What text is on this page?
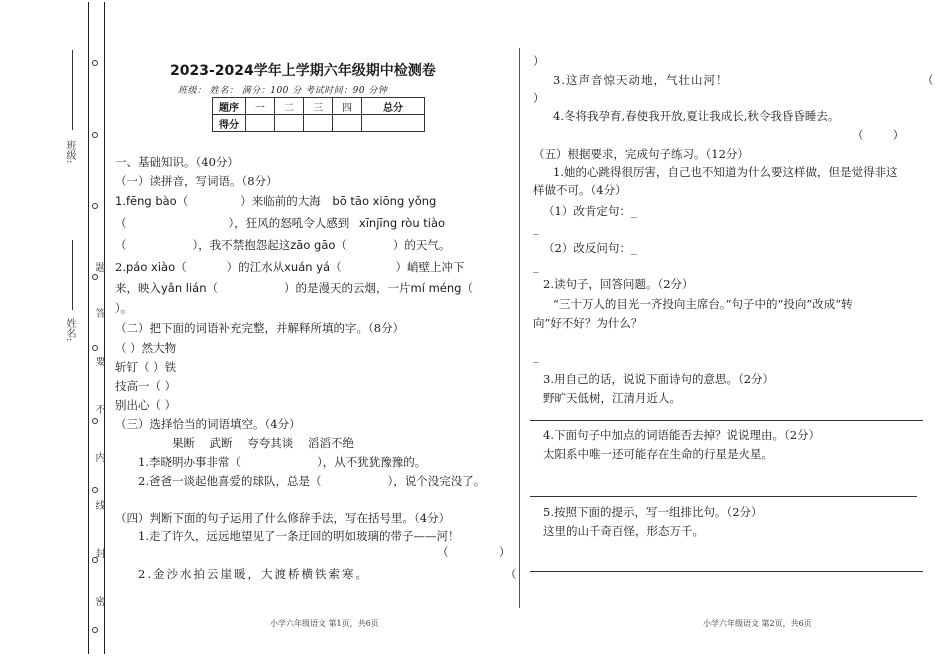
班级:
姓名:
题
答
要
不
内
线
封
密
2023-2024学年上学期六年级期中检测卷
班级： 姓名： 满分：100 分 考试时间：90 分钟
题序	一	二	三	四	总分
得分					
一、基础知识。（40分）
（一）读拼音，写词语。（8分）
1.fēng bào（	）来临前的大海 bō tāo xiōng yǒng
（	），狂风的怒吼令人感到 xīnjīng ròu tiào
（	），我不禁抱怨起这zāo gāo（	）的天气。
2.páo xiào（	）的江水从xuán yá（	）峭壁上冲下
来，映入yǎn lián（	）的是漫天的云烟，一片mí méng（
）。
（二）把下面的词语补充完整，并解释所填的字。（8分）
（ ）然大物
斩钉（ ）铁
技高一（ ）
别出心（ ）
（三）选择恰当的词语填空。（4分）
果断    武断    夸夸其谈    滔滔不绝
1.李晓明办事非常（	），从不犹犹豫豫的。
2.爸爸一谈起他喜爱的球队，总是（	），说个没完没了。
（四）判断下面的句子运用了什么修辞手法，写在括号里。（4分）
1.走了许久，远远地望见了一条迂回的明如玻璃的带子——河！
（	）
2.金沙水拍云崖暖，大渡桥横铁索寒。	（
小学六年级语文 第1页，共6页
）
3.这声音惊天动地，气壮山河！	（
）
4.冬将我孕育,春使我开放,夏让我成长,秋令我昏昏睡去。
（        ）
（五）根据要求，完成句子练习。（12分）
1.她的心跳得很厉害，自己也不知道为什么要这样做，但是觉得非这
样做不可。（4分）
（1）改肯定句：_
_
（2）改反问句：_
_
2.读句子，回答问题。（2分）
“三十万人的目光一齐投向主席台。”句子中的“投向”改成“转
向”好不好？为什么？
_
3.用自己的话，说说下面诗句的意思。（2分）
野旷天低树，江清月近人。
4.下面句子中加点的词语能否去掉？说说理由。（2分）
太阳系中唯一还可能存在生命的行星是火星。
5.按照下面的提示，写一组排比句。（2分）
这里的山千奇百怪，形态万千。
小学六年级语文 第2页，共6页
